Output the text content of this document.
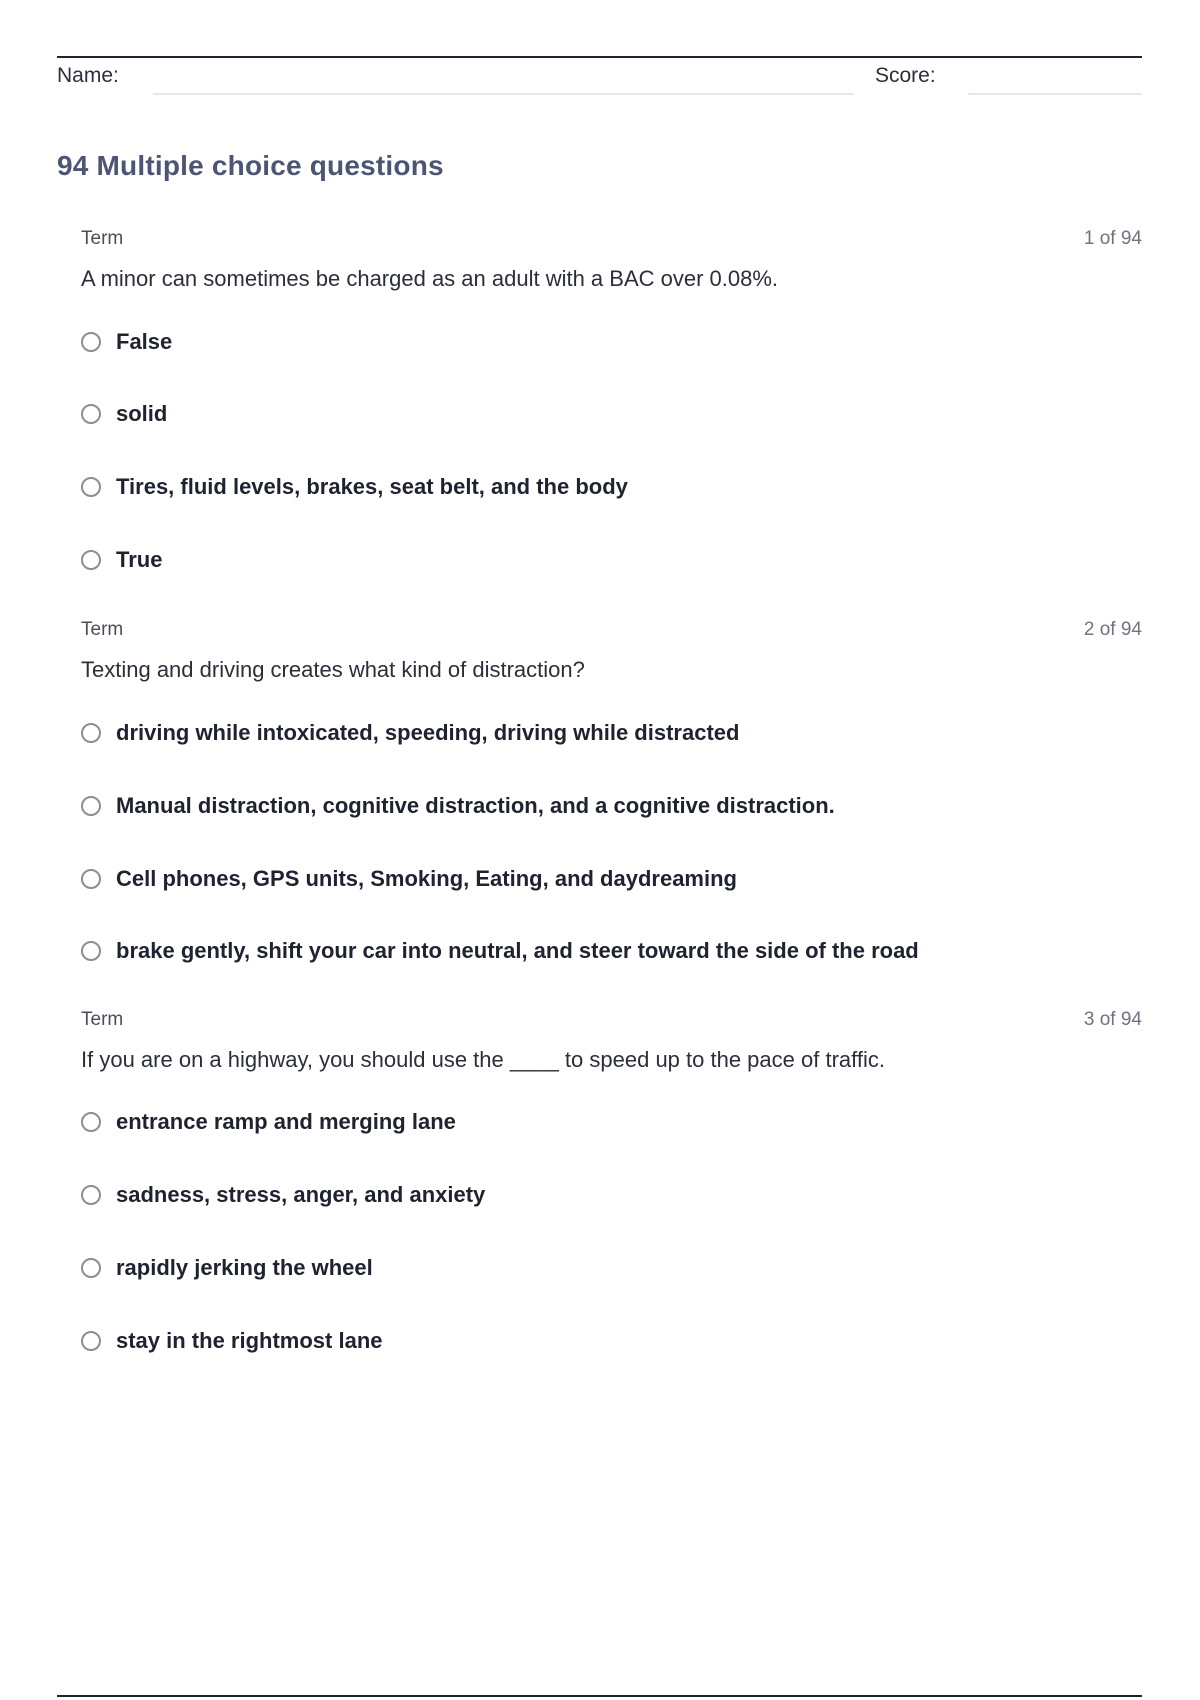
Name:	Score:
94 Multiple choice questions
Term	1 of 94
A minor can sometimes be charged as an adult with a BAC over 0.08%.
False
solid
Tires, fluid levels, brakes, seat belt, and the body
True
Term	2 of 94
Texting and driving creates what kind of distraction?
driving while intoxicated, speeding, driving while distracted
Manual distraction, cognitive distraction, and a cognitive distraction.
Cell phones, GPS units, Smoking, Eating, and daydreaming
brake gently, shift your car into neutral, and steer toward the side of the road
Term	3 of 94
If you are on a highway, you should use the ____ to speed up to the pace of traffic.
entrance ramp and merging lane
sadness, stress, anger, and anxiety
rapidly jerking the wheel
stay in the rightmost lane
